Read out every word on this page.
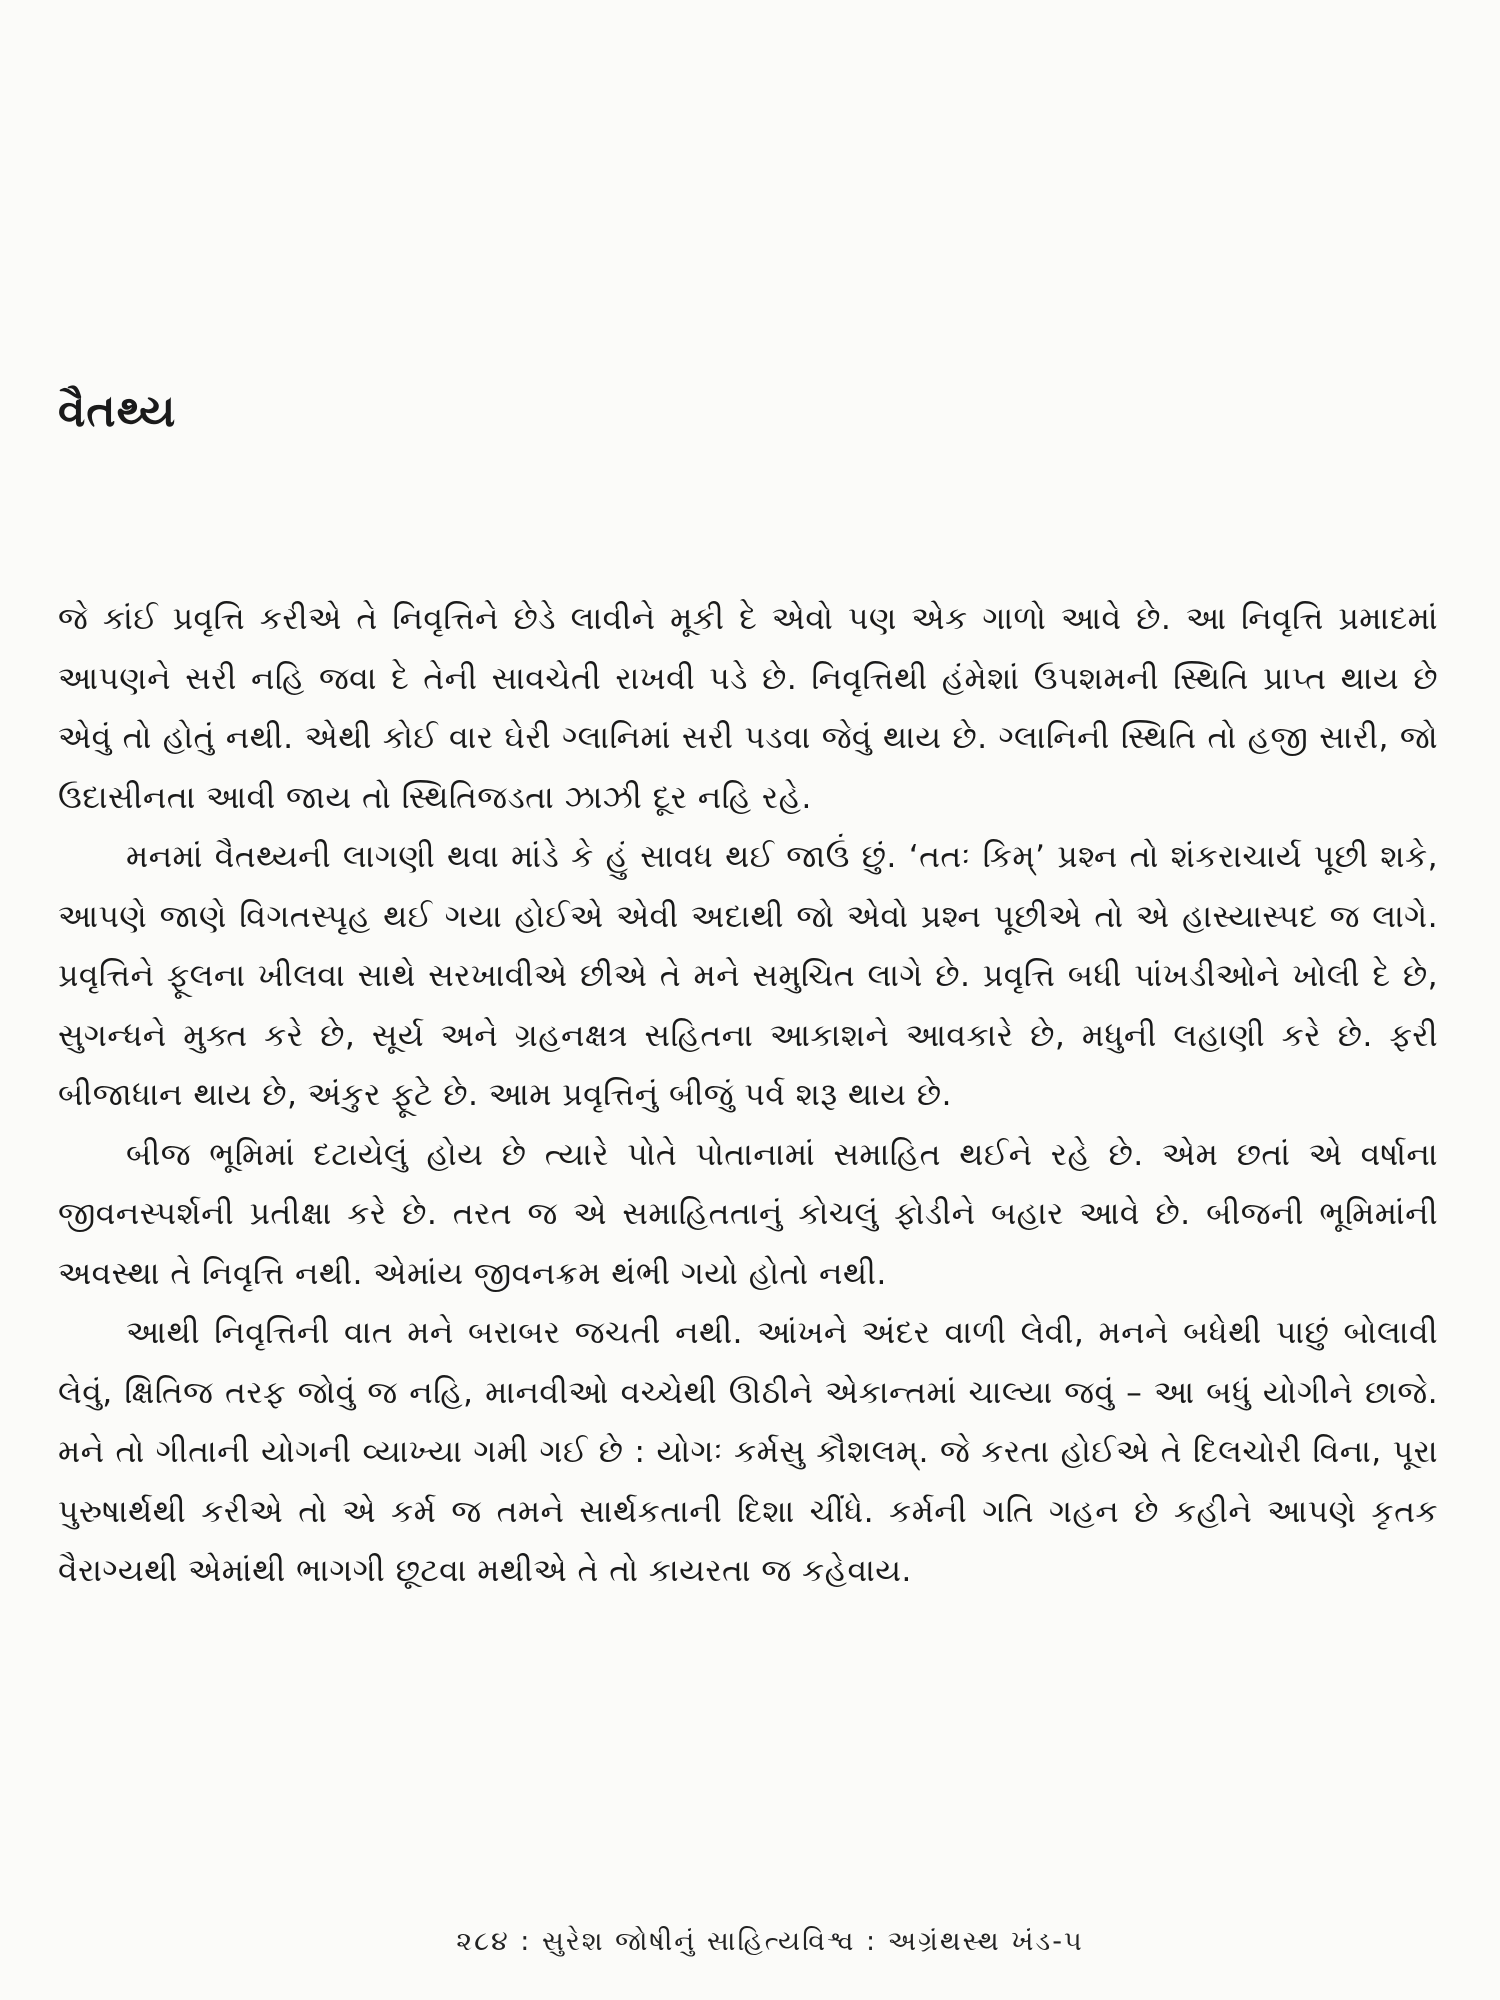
વૈતથ્ય

જે કાંઈ પ્રવૃત્તિ કરીએ તે નિવૃત્તિને છેડે લાવીને મૂકી દે એવો પણ એક ગાળો આવે છે. આ નિવૃત્તિ પ્રમાદમાં આપણને સરી નહિ જવા દે તેની સાવચેતી રાખવી પડે છે. નિવૃત્તિથી હંમેશાં ઉપશમની સ્થિતિ પ્રાપ્ત થાય છે એવું તો હોતું નથી. એથી કોઈ વાર ઘેરી ગ્લાનિમાં સરી પડવા જેવું થાય છે. ગ્લાનિની સ્થિતિ તો હજી સારી, જો ઉદાસીનતા આવી જાય તો સ્થિતિજડતા ઝાઝી દૂર નહિ રહે.

મનમાં વૈતથ્યની લાગણી થવા માંડે કે હું સાવધ થઈ જાઉં છું. ‘તતઃ કિમ્’ પ્રશ્ન તો શંકરાચાર્ય પૂછી શકે, આપણે જાણે વિગતસ્પૃહ થઈ ગયા હોઈએ એવી અદાથી જો એવો પ્રશ્ન પૂછીએ તો એ હાસ્યાસ્પદ જ લાગે. પ્રવૃત્તિને ફૂલના ખીલવા સાથે સરખાવીએ છીએ તે મને સમુચિત લાગે છે. પ્રવૃત્તિ બધી પાંખડીઓને ખોલી દે છે, સુગન્ધને મુક્ત કરે છે, સૂર્ય અને ગ્રહનક્ષત્ર સહિતના આકાશને આવકારે છે, મધુની લહાણી કરે છે. ફરી બીજાધાન થાય છે, અંકુર ફૂટે છે. આમ પ્રવૃત્તિનું બીજું પર્વ શરૂ થાય છે.

બીજ ભૂમિમાં દટાયેલું હોય છે ત્યારે પોતે પોતાનામાં સમાહિત થઈને રહે છે. એમ છતાં એ વર્ષાના જીવનસ્પર્શની પ્રતીક્ષા કરે છે. તરત જ એ સમાહિતતાનું કોચલું ફોડીને બહાર આવે છે. બીજની ભૂમિમાંની અવસ્થા તે નિવૃત્તિ નથી. એમાંય જીવનક્રમ થંભી ગયો હોતો નથી.

આથી નિવૃત્તિની વાત મને બરાબર જચતી નથી. આંખને અંદર વાળી લેવી, મનને બધેથી પાછું બોલાવી લેવું, ક્ષિતિજ તરફ જોવું જ નહિ, માનવીઓ વચ્ચેથી ઊઠીને એકાન્તમાં ચાલ્યા જવું – આ બધું યોગીને છાજે. મને તો ગીતાની યોગની વ્યાખ્યા ગમી ગઈ છે : યોગઃ કર્મસુ કૌશલમ્. જે કરતા હોઈએ તે દિલચોરી વિના, પૂરા પુરુષાર્થથી કરીએ તો એ કર્મ જ તમને સાર્થકતાની દિશા ચીંધે. કર્મની ગતિ ગહન છે કહીને આપણે કૃતક વૈરાગ્યથી એમાંથી ભાગગી છૂટવા મથીએ તે તો કાયરતા જ કહેવાય.

૨૮૪ : સુરેશ જોષીનું સાહિત્યવિશ્વ : અગ્રંથસ્થ ખંડ-૫
